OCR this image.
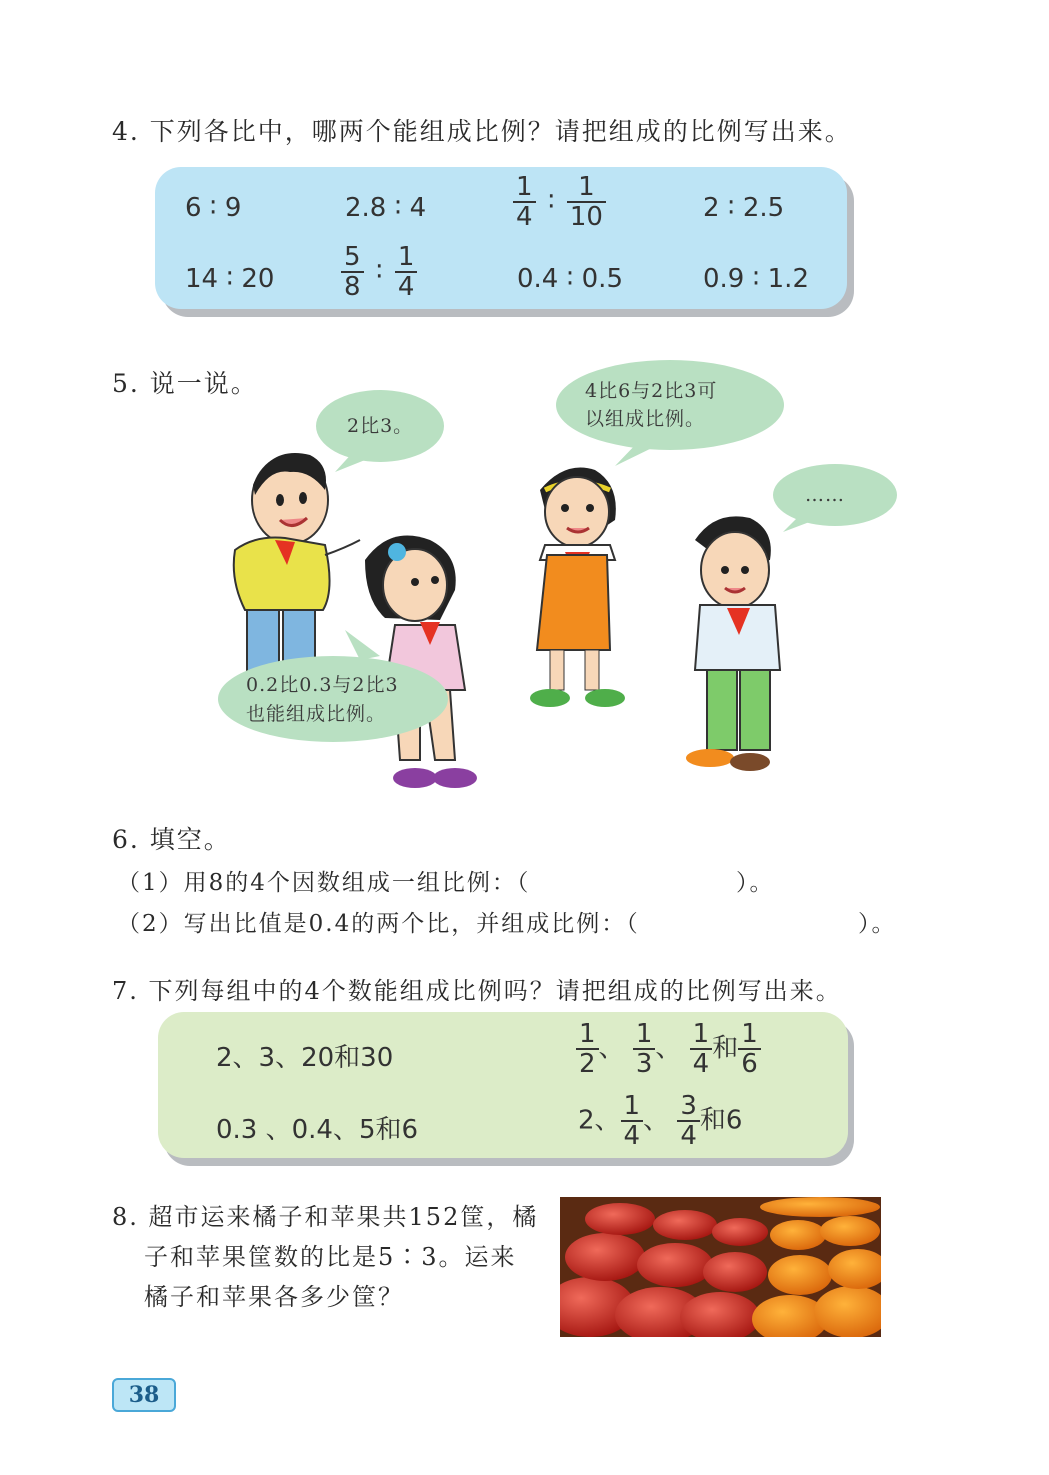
4. 下列各比中，哪两个能组成比例？请把组成的比例写出来。
6 ∶ 9	2.8 ∶ 4	$\frac{1}{4}$ ∶ $\frac{1}{10}$	2 ∶ 2.5
14 ∶ 20	$\frac{5}{8}$ ∶ $\frac{1}{4}$	0.4 ∶ 0.5	0.9 ∶ 1.2
5. 说一说。
2比3。
4比6与2比3可
以组成比例。
……
0.2比0.3与2比3
也能组成比例。
6. 填空。
（1）用8的4个因数组成一组比例：（	）。
（2）写出比值是0.4的两个比，并组成比例：（	）。
7. 下列每组中的4个数能组成比例吗？请把组成的比例写出来。
2、3、20和30	$\frac{1}{2}$ 、 $\frac{1}{3}$ 、 $\frac{1}{4}$ 和 $\frac{1}{6}$
0.3 、0.4、5和6	2、 $\frac{1}{4}$ 、 $\frac{3}{4}$ 和6
8. 超市运来橘子和苹果共152筐，橘
子和苹果筐数的比是5∶3。运来
橘子和苹果各多少筐？
38
